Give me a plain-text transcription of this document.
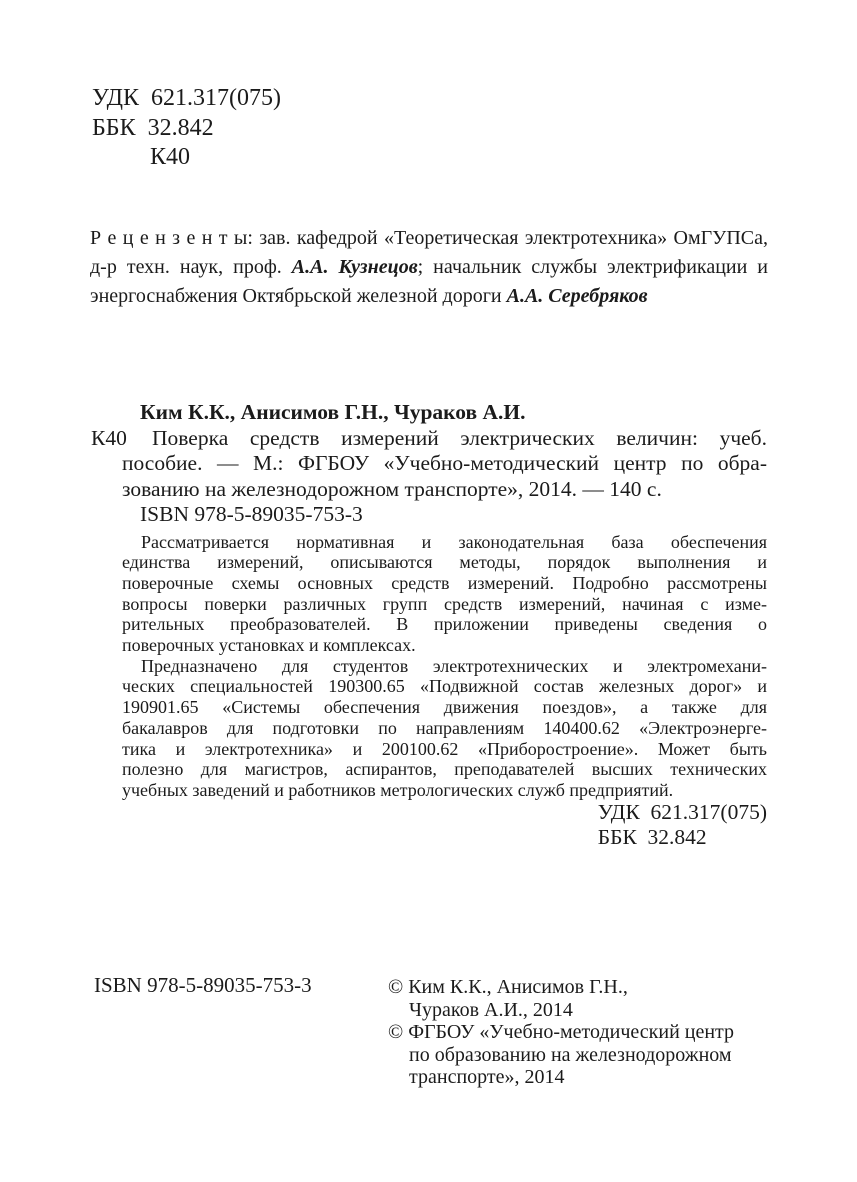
УДК  621.317(075)
ББК  32.842
К40
Р е ц е н з е н т ы: зав. кафедрой «Теоретическая электротехника» ОмГУПСа,
д-р техн. наук, проф. А.А. Кузнецов; начальник службы электрификации и
энергоснабжения Октябрьской железной дороги А.А. Серебряков
Ким К.К., Анисимов Г.Н., Чураков А.И.
К40	Поверка средств измерений электрических величин: учеб.
пособие. — М.: ФГБОУ «Учебно-методический центр по обра-
зованию на железнодорожном транспорте», 2014. — 140 с.
ISBN 978-5-89035-753-3
Рассматривается нормативная и законодательная база обеспечения
единства измерений, описываются методы, порядок выполнения и
поверочные схемы основных средств измерений. Подробно рассмотрены
вопросы поверки различных групп средств измерений, начиная с изме-
рительных преобразователей. В приложении приведены сведения о
поверочных установках и комплексах.
Предназначено для студентов электротехнических и электромехани-
ческих специальностей 190300.65 «Подвижной состав железных дорог» и
190901.65 «Системы обеспечения движения поездов», а также для
бакалавров для подготовки по направлениям 140400.62 «Электроэнерге-
тика и электротехника» и 200100.62 «Приборостроение». Может быть
полезно для магистров, аспирантов, преподавателей высших технических
учебных заведений и работников метрологических служб предприятий.
УДК  621.317(075)
ББК  32.842
ISBN 978-5-89035-753-3	© Ким К.К., Анисимов Г.Н.,
Чураков А.И., 2014
© ФГБОУ «Учебно-методический центр
по образованию на железнодорожном
транспорте», 2014
